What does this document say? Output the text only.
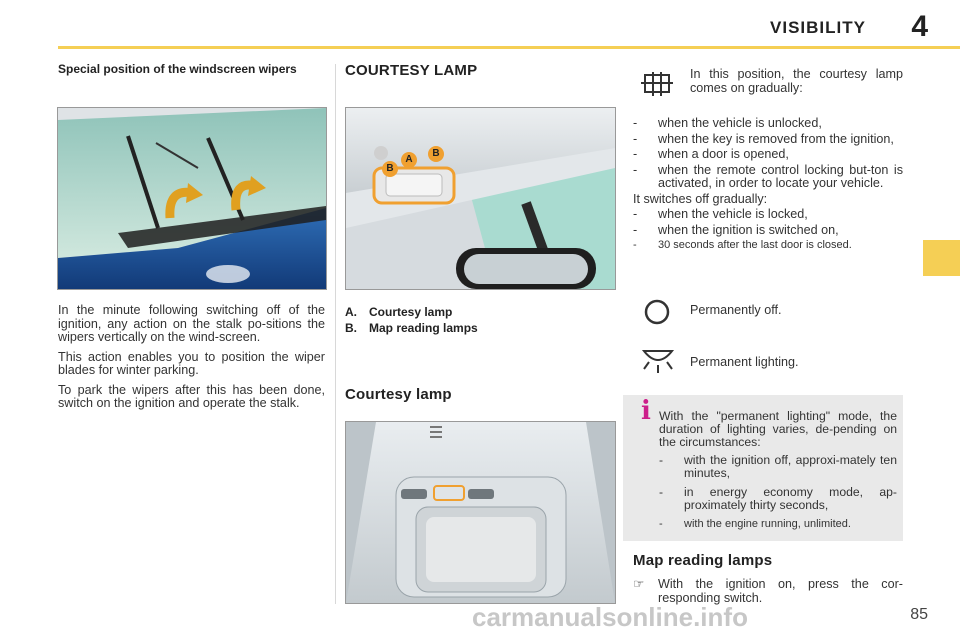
VISIBILITY 4
Special position of the windscreen wipers

In the minute following switching off of the ignition, any action on the stalk po-sitions the wipers vertically on the wind-screen.

This action enables you to position the wiper blades for winter parking.

To park the wipers after this has been done, switch on the ignition and operate the stalk.

COURTESY LAMP
B
A
B
A. Courtesy lamp
B. Map reading lamps
Courtesy lamp
In this position, the courtesy lamp comes on gradually:
- when the vehicle is unlocked,
- when the key is removed from the ignition,
- when a door is opened,
- when the remote control locking but-ton is activated, in order to locate your vehicle.
It switches off gradually:
- when the vehicle is locked,
- when the ignition is switched on,
- 30 seconds after the last door is closed.
Permanently off.
Permanent lighting.
i With the "permanent lighting" mode, the duration of lighting varies, de-pending on the circumstances:
- with the ignition off, approxi-mately ten minutes,
- in energy economy mode, ap-proximately thirty seconds,
- with the engine running, unlimited.
Map reading lamps
☞ With the ignition on, press the cor-responding switch.
carmanualsonline.info	85
